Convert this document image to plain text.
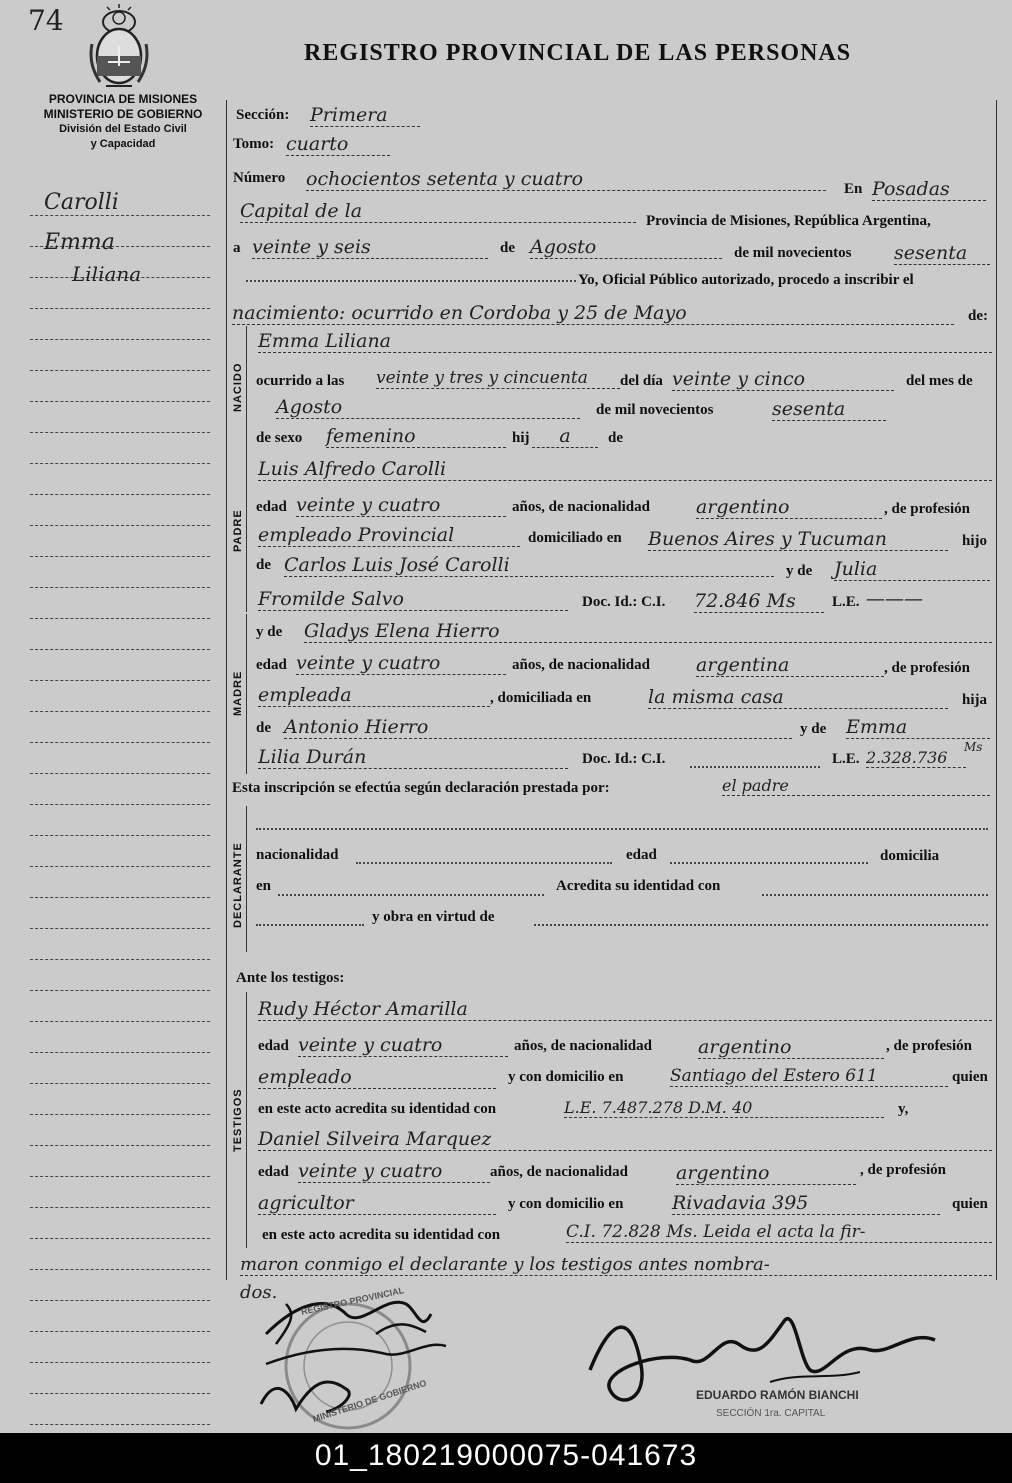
74
REGISTRO PROVINCIAL DE LAS PERSONAS
PROVINCIA DE MISIONES
MINISTERIO DE GOBIERNO
División del Estado Civil
y Capacidad
Carolli
Emma
Liliana
Sección: Primera
Tomo: cuarto
Número ochocientos setenta y cuatro	En Posadas
Capital de la	Provincia de Misiones, República Argentina,
a veinte y seis	de Agosto	de mil novecientos sesenta
Yo, Oficial Público autorizado, procedo a inscribir el
nacimiento: ocurrido en Cordoba y 25 de Mayo	de:
NACIDO
Emma Liliana
ocurrido a las veinte y tres y cincuenta	del día veinte y cinco	del mes de
Agosto	de mil novecientos	sesenta
de sexo femenino	hij	a	de
PADRE
Luis Alfredo Carolli
edad veinte y cuatro	años, de nacionalidad argentino	, de profesión
empleado Provincial	domiciliado en Buenos Aires y Tucuman	hijo
de Carlos Luis José Carolli	y de Julia
Fromilde Salvo	Doc. Id.: C.I. 72.846 Ms	L.E. ———
MADRE
y de Gladys Elena Hierro
edad veinte y cuatro	años, de nacionalidad argentina	, de profesión
empleada	, domiciliada en	la misma casa	hija
de Antonio Hierro	y de Emma
Lilia Durán	Doc. Id.: C.I.	L.E. 2.328.736
Ms
Esta inscripción se efectúa según declaración prestada por:	el padre
DECLARANTE nacionalidad	edad	domicilia
en	Acredita su identidad con
y obra en virtud de
Ante los testigos:
TESTIGOS
Rudy Héctor Amarilla
edad veinte y cuatro	años, de nacionalidad argentino	, de profesión
empleado	y con domicilio en	Santiago del Estero 611	quien
en este acto acredita su identidad con	L.E. 7.487.278 D.M. 40	y,
Daniel Silveira Marquez
edad veinte y cuatro	años, de nacionalidad	argentino	, de profesión
agricultor	y con domicilio en	Rivadavia 395	quien
en este acto acredita su identidad con	C.I. 72.828 Ms. Leida el acta la fir-
maron conmigo el declarante y los testigos antes nombra-
dos.	REGISTRO PROVINCIAL
MINISTERIO DE GOBIERNO	EDUARDO RAMÓN BIANCHI
SECCIÓN 1ra. CAPITAL
01_180219000075-041673
